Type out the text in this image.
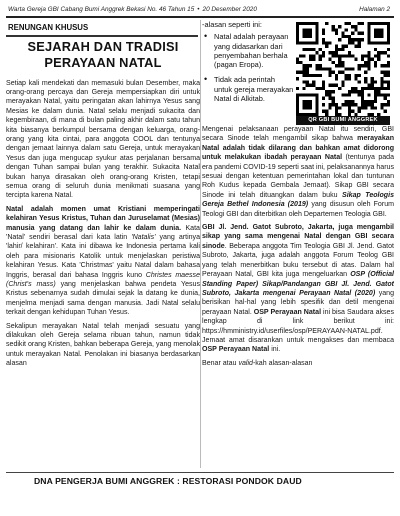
Warta Gereja GBI Cabang Bumi Anggrek Bekasi No. 46 Tahun 15 • 20 Desember 2020	Halaman 2
RENUNGAN KHUSUS
SEJARAH DAN TRADISI
PERAYAAN NATAL

Setiap kali mendekati dan memasuki bulan Desember, maka orang-orang percaya dan Gereja mempersiapkan diri untuk merayakan Natal, yaitu peringatan akan lahirnya Yesus sang Mesias ke dalam dunia. Natal selalu menjadi sukacita dan kegembiraan, di mana di bulan paling akhir dalam satu tahun kita biasanya berkumpul bersama dengan keluarga, orang-orang yang kita cintai, para anggota COOL dan tentunya dengan jemaat lainnya dalam satu Gereja, untuk merayakan Yesus dan juga mengucap syukur atas perjalanan bersama dengan Tuhan sampai bulan yang terakhir. Sukacita Natal bukan hanya dirasakan oleh orang-orang Kristen, tetapi semua orang di seluruh dunia menikmati suasana yang tercipta karena Natal.

Natal adalah momen umat Kristiani memperingati kelahiran Yesus Kristus, Tuhan dan Juruselamat (Mesias) manusia yang datang dan lahir ke dalam dunia. Kata 'Natal' sendiri berasal dari kata latin 'Natalis' yang artinya 'lahir/ kelahiran'. Kata ini dibawa ke Indonesia pertama kali oleh para misionaris Katolik untuk menjelaskan peristiwa kelahiran Yesus. Kata 'Christmas' yaitu Natal dalam bahasa Inggris, berasal dari bahasa Inggris kuno Christes maesse (Christ's mass) yang menjelaskan bahwa pendeta Yesus Kristus sebenarnya sudah dimulai sejak la datang ke dunia, menjelma menjadi sama dengan manusia. Jadi Natal selalu terkait dengan kehidupan Tuhan Yesus.

Sekalipun merayakan Natal telah menjadi sesuatu yang dilakukan oleh Gereja selama ribuan tahun, namun tidak sedikit orang Kristen, bahkan beberapa Gereja, yang menolak untuk merayakan Natal. Penolakan ini biasanya berdasarkan alasan

-alasan seperti ini:
• Natal adalah perayaan yang didasarkan dari penyembahan berhala (pagan Eropa).
• Tidak ada perintah untuk gereja merayakan Natal di Alkitab.
QR GBI BUMI ANGGREK

Mengenai pelaksanaan perayaan Natal itu sendiri, GBI secara Sinode telah mengambil sikap bahwa merayakan Natal adalah tidak dilarang dan bahkan amat didorong untuk melakukan ibadah perayaan Natal (tentunya pada era pandemi COVID-19 seperti saat ini, pelaksanannya harus sesuai dengan ketentuan pemerintahan lokal dan tuntunan Roh Kudus kepada Gembala Jemaat). Sikap GBI secara Sinode ini telah dituangkan dalam buku Sikap Teologis Gereja Bethel Indonesia (2019) yang disusun oleh Forum Teologi GBI dan diterbitkan oleh Departemen Teologia GBI.

GBI Jl. Jend. Gatot Subroto, Jakarta, juga mengambil sikap yang sama mengenai Natal dengan GBI secara sinode. Beberapa anggota Tim Teologia GBI Jl. Jend. Gatot Subroto, Jakarta, juga adalah anggota Forum Teolog GBI yang telah menerbitkan buku tersebut di atas. Dalam hal Perayaan Natal, GBI kita juga mengeluarkan OSP (Official Standing Paper) Sikap/Pandangan GBI Jl. Jend. Gatot Subroto, Jakarta mengenai Perayaan Natal (2020) yang berisikan hal-hal yang lebih spesifik dan detil mengenai perayaan Natal. OSP Perayaan Natal ini bisa Saudara akses lengkap di link berikut ini: https://hmministry.id/userfiles/osp/PERAYAAN-NATAL.pdf. Jemaat amat disarankan untuk mengakses dan membaca OSP Perayaan Natal ini.

Benar atau valid-kah alasan-alasan

DNA PENGERJA BUMI ANGGREK : RESTORASI PONDOK DAUD
